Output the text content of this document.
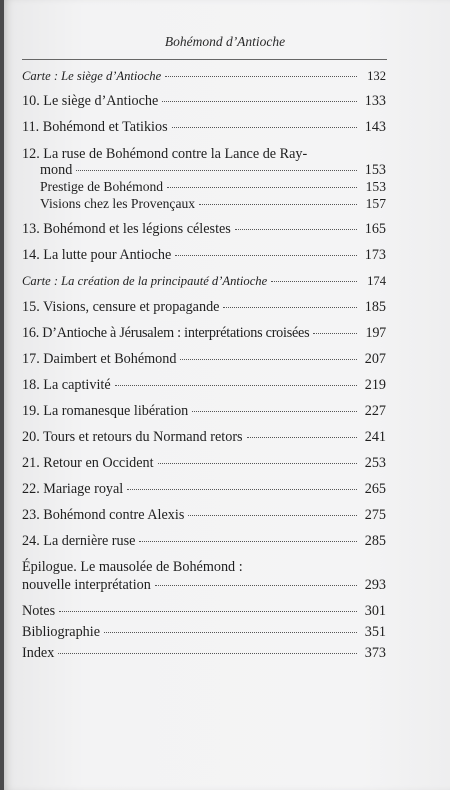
Bohémond d’Antioche
Carte : Le siège d’Antioche	132
10. Le siège d’Antioche	133
11. Bohémond et Tatikios	143
12. La ruse de Bohémond contre la Lance de Ray-
mond	153
Prestige de Bohémond	153
Visions chez les Provençaux	157
13. Bohémond et les légions célestes	165
14. La lutte pour Antioche	173
Carte : La création de la principauté d’Antioche	174
15. Visions, censure et propagande	185
16. D’Antioche à Jérusalem : interprétations croisées	197
17. Daimbert et Bohémond	207
18. La captivité	219
19. La romanesque libération	227
20. Tours et retours du Normand retors	241
21. Retour en Occident	253
22. Mariage royal	265
23. Bohémond contre Alexis	275
24. La dernière ruse	285
Épilogue. Le mausolée de Bohémond :
nouvelle interprétation	293
Notes	301
Bibliographie	351
Index	373
